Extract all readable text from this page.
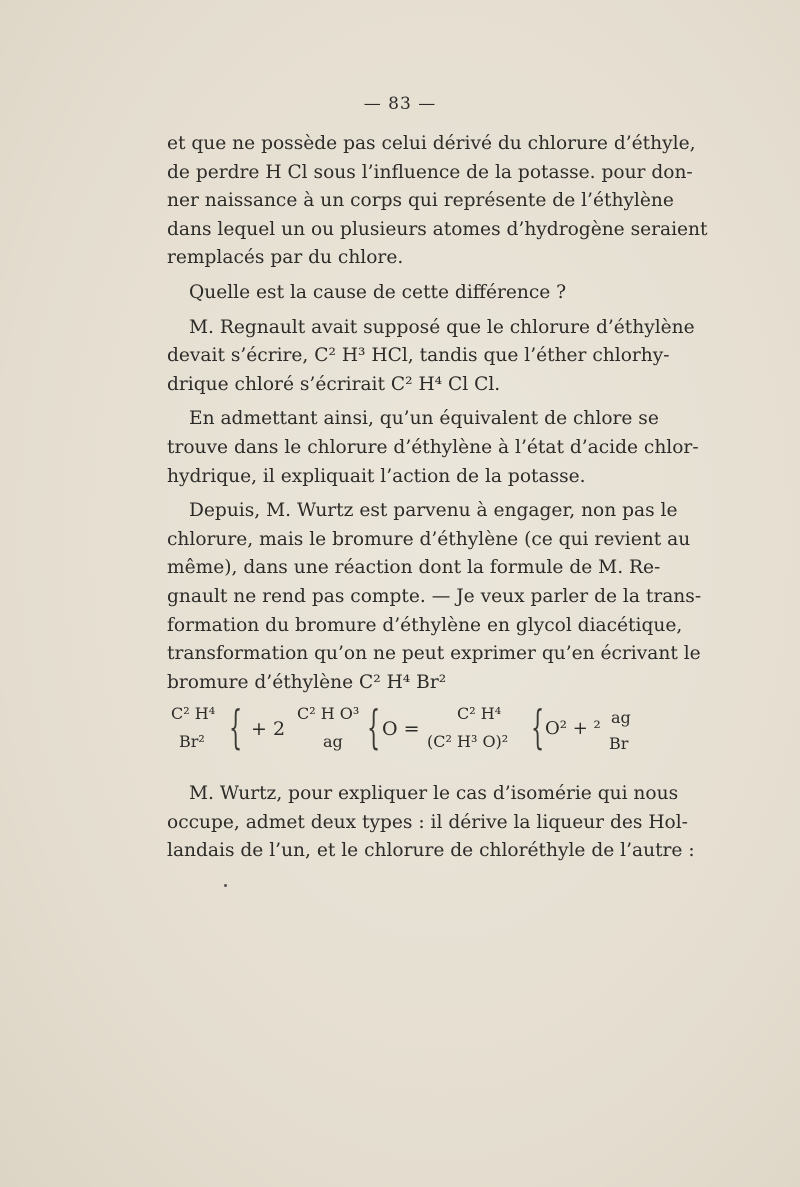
— 83 —
et que ne possède pas celui dérivé du chlorure d’éthyle,
de perdre H Cl sous l’influence de la potasse. pour don-
ner naissance à un corps qui représente de l’éthylène
dans lequel un ou plusieurs atomes d’hydrogène seraient
remplacés par du chlore.
Quelle est la cause de cette différence ?
M. Regnault avait supposé que le chlorure d’éthylène
devait s’écrire, C² H³ HCl, tandis que l’éther chlorhy-
drique chloré s’écrirait C² H⁴ Cl Cl.
En admettant ainsi, qu’un équivalent de chlore se
trouve dans le chlorure d’éthylène à l’état d’acide chlor-
hydrique, il expliquait l’action de la potasse.
Depuis, M. Wurtz est parvenu à engager, non pas le
chlorure, mais le bromure d’éthylène (ce qui revient au
même), dans une réaction dont la formule de M. Re-
gnault ne rend pas compte. — Je veux parler de la trans-
formation du bromure d’éthylène en glycol diacétique,
transformation qu’on ne peut exprimer qu’en écrivant le
bromure d’éthylène C² H⁴ Br²
C² H⁴
Br² { + 2
C² H O³
ag { O =
C² H⁴
(C² H³ O)² { O² + ²
ag
Br
M. Wurtz, pour expliquer le cas d’isomérie qui nous
occupe, admet deux types : il dérive la liqueur des Hol-
landais de l’un, et le chlorure de chloréthyle de l’autre :
